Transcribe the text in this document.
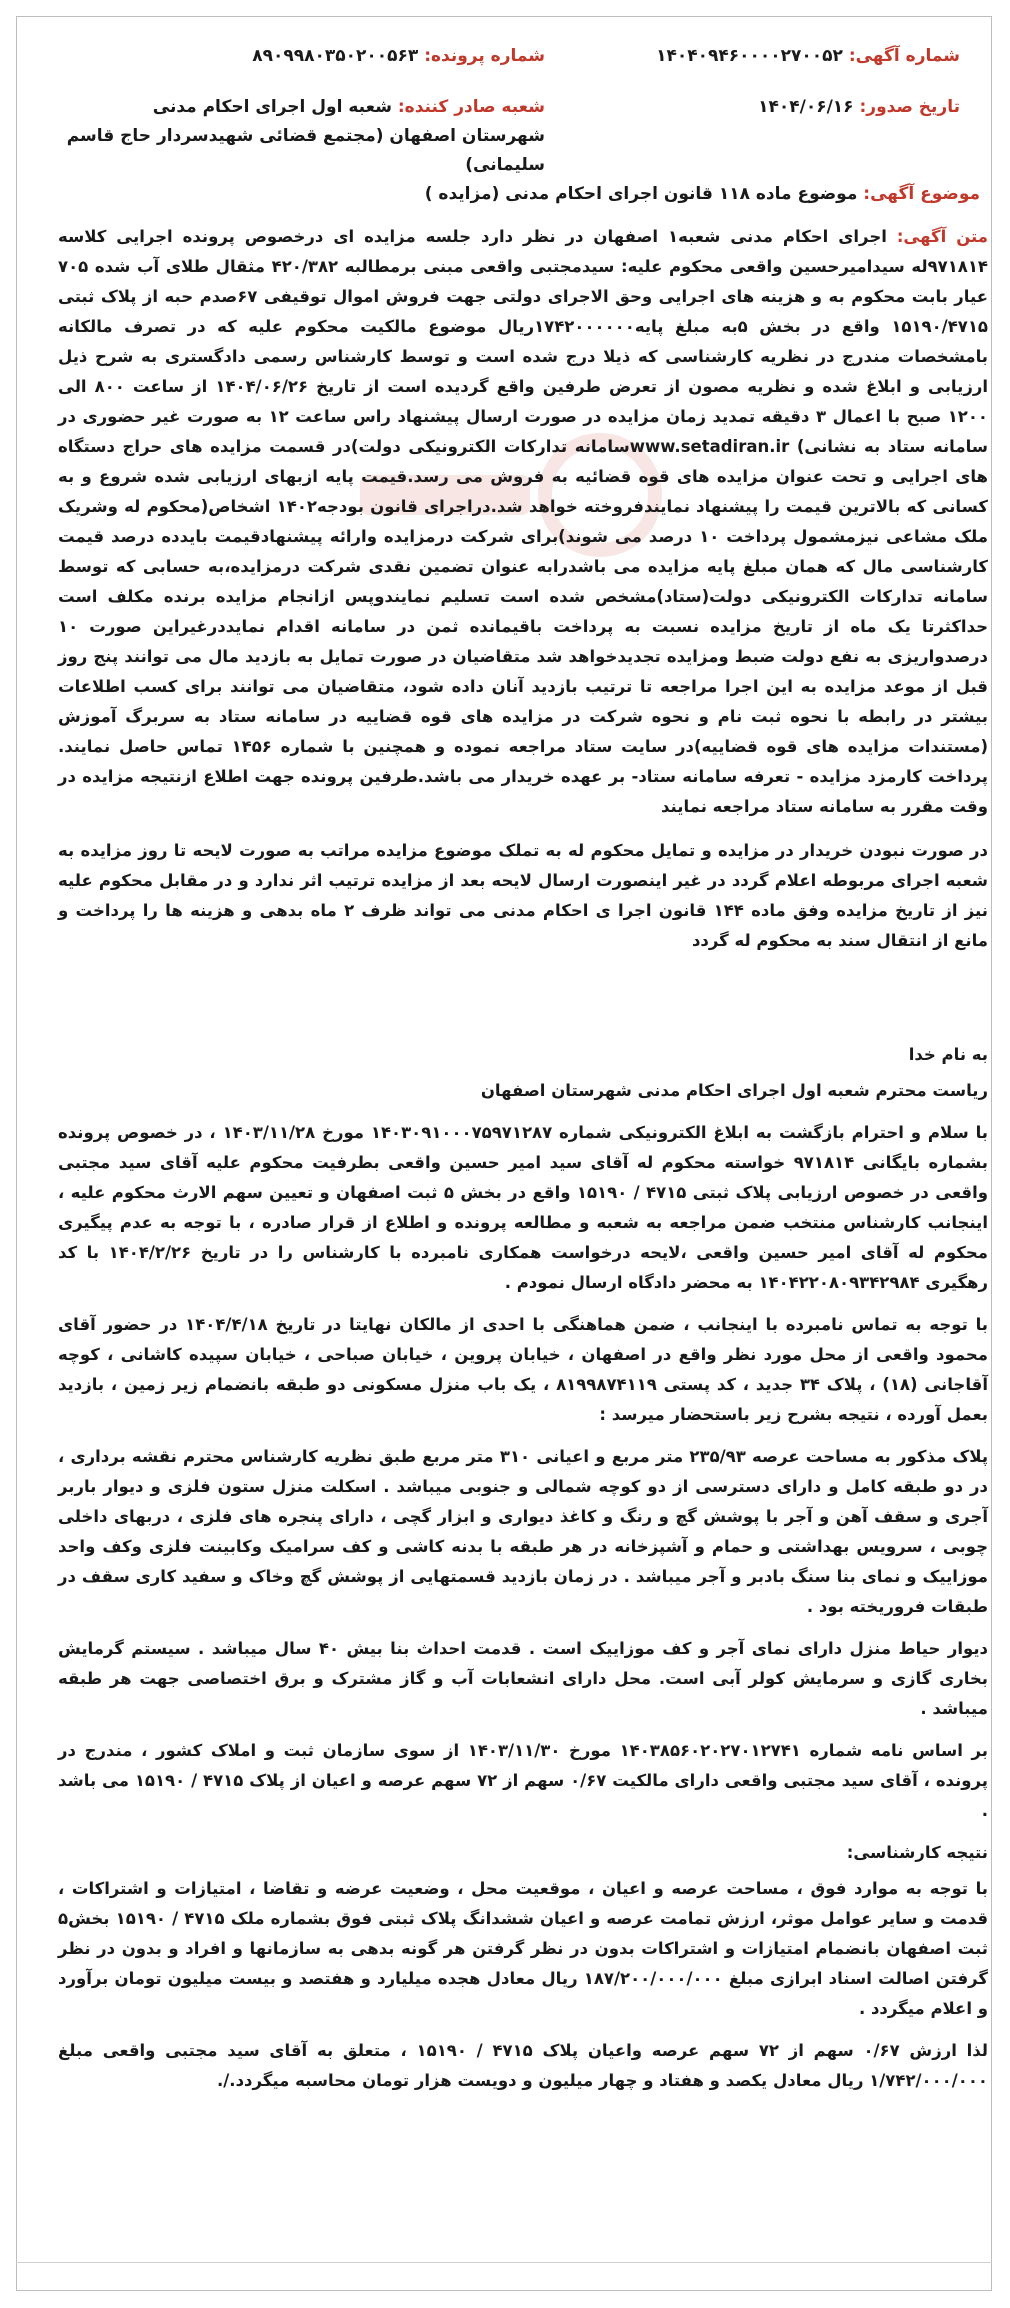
شماره آگهی: ۱۴۰۴۰۹۴۶۰۰۰۰۲۷۰۰۵۲
شماره پرونده: ۸۹۰۹۹۸۰۳۵۰۲۰۰۵۶۳
تاریخ صدور: ۱۴۰۴/۰۶/۱۶
شعبه صادر کننده: شعبه اول اجرای احکام مدنی شهرستان اصفهان (مجتمع قضائی شهیدسردار حاج قاسم سلیمانی)
موضوع آگهی: موضوع ماده ۱۱۸ قانون اجرای احکام مدنی (مزایده )

متن آگهی: اجرای احکام مدنی شعبه۱ اصفهان در نظر دارد جلسه مزایده ای درخصوص پرونده اجرایی کلاسه ۹۷۱۸۱۴له سیدامیرحسین واقعی محکوم علیه: سیدمجتبی واقعی مبنی برمطالبه ۴۲۰/۳۸۲ مثقال طلای آب شده ۷۰۵ عیار بابت محکوم به و هزینه های اجرایی وحق الاجرای دولتی جهت فروش اموال توقیفی ۶۷صدم حبه از پلاک ثبتی ۱۵۱۹۰/۴۷۱۵ واقع در بخش ۵به مبلغ پایه۱۷۴۲۰۰۰۰۰۰ریال موضوع مالکیت محکوم علیه که در تصرف مالکانه بامشخصات مندرج در نظریه کارشناسی که ذیلا درج شده است و توسط کارشناس رسمی دادگستری به شرح ذیل ارزیابی و ابلاغ شده و نظریه مصون از تعرض طرفین واقع گردیده است از تاریخ ۱۴۰۴/۰۶/۲۶ از ساعت ۸۰۰ الی ۱۲۰۰ صبح با اعمال ۳ دقیقه تمدید زمان مزایده در صورت ارسال پیشنهاد راس ساعت ۱۲ به صورت غیر حضوری در سامانه ستاد به نشانی) www.setadiran.irسامانه تدارکات الکترونیکی دولت)در قسمت مزایده های حراج دستگاه های اجرایی و تحت عنوان مزایده های قوه قضائیه به فروش می رسد.قیمت پایه ازبهای ارزیابی شده شروع و به کسانی که بالاترین قیمت را پیشنهاد نمایندفروخته خواهد شد.دراجرای قانون بودجه۱۴۰۲ اشخاص(محکوم له وشریک ملک مشاعی نیزمشمول پرداخت ۱۰ درصد می شوند)برای شرکت درمزایده وارائه پیشنهادقیمت بایدده درصد قیمت کارشناسی مال که همان مبلغ پایه مزایده می باشدرابه عنوان تضمین نقدی شرکت درمزایده،به حسابی که توسط سامانه تدارکات الکترونیکی دولت(ستاد)مشخص شده است تسلیم نمایندوپس ازانجام مزایده برنده مکلف است حداکثرتا یک ماه از تاریخ مزایده نسبت به پرداخت باقیمانده ثمن در سامانه اقدام نمایددرغیراین صورت ۱۰ درصدواریزی به نفع دولت ضبط ومزایده تجدیدخواهد شد متقاضیان در صورت تمایل به بازدید مال می توانند پنج روز قبل از موعد مزایده به این اجرا مراجعه تا ترتیب بازدید آنان داده شود، متقاضیان می توانند برای کسب اطلاعات بیشتر در رابطه با نحوه ثبت نام و نحوه شرکت در مزایده های قوه قضاییه در سامانه ستاد به سربرگ آموزش (مستندات مزایده های قوه قضاییه)در سایت ستاد مراجعه نموده و همچنین با شماره ۱۴۵۶ تماس حاصل نمایند. پرداخت کارمزد مزایده - تعرفه سامانه ستاد- بر عهده خریدار می باشد.طرفین پرونده جهت اطلاع ازنتیجه مزایده در وقت مقرر به سامانه ستاد مراجعه نمایند

در صورت نبودن خریدار در مزایده و تمایل محکوم له به تملک موضوع مزایده مراتب به صورت لایحه تا روز مزایده به شعبه اجرای مربوطه اعلام گردد در غیر اینصورت ارسال لایحه بعد از مزایده ترتیب اثر ندارد و در مقابل محکوم علیه نیز از تاریخ مزایده وفق ماده ۱۴۴ قانون اجرا ی احکام مدنی می تواند ظرف ۲ ماه بدهی و هزینه ها را پرداخت و مانع از انتقال سند به محکوم له گردد

به نام خدا

ریاست محترم شعبه اول اجرای احکام مدنی شهرستان اصفهان

با سلام و احترام بازگشت به ابلاغ الکترونیکی شماره ۱۴۰۳۰۹۱۰۰۰۷۵۹۷۱۲۸۷ مورخ ۱۴۰۳/۱۱/۲۸ ، در خصوص پرونده بشماره بایگانی ۹۷۱۸۱۴ خواسته محکوم له آقای سید امیر حسین واقعی بطرفیت محکوم علیه آقای سید مجتبی واقعی در خصوص ارزیابی پلاک ثبتی ۴۷۱۵ / ۱۵۱۹۰ واقع در بخش ۵ ثبت اصفهان و تعیین سهم الارث محکوم علیه ، اینجانب کارشناس منتخب ضمن مراجعه به شعبه و مطالعه پرونده و اطلاع از قرار صادره ، با توجه به عدم پیگیری محکوم له آقای امیر حسین واقعی ،لایحه درخواست همکاری نامبرده با کارشناس را در تاریخ ۱۴۰۴/۲/۲۶ با کد رهگیری ۱۴۰۴۲۲۰۸۰۹۳۴۲۹۸۴ به محضر دادگاه ارسال نمودم .

با توجه به تماس نامبرده با اینجانب ، ضمن هماهنگی با احدی از مالکان نهایتا در تاریخ ۱۴۰۴/۴/۱۸ در حضور آقای محمود واقعی از محل مورد نظر واقع در اصفهان ، خیابان پروین ، خیابان صباحی ، خیابان سپیده کاشانی ، کوچه آقاجانی (۱۸) ، پلاک ۳۴ جدید ، کد پستی ۸۱۹۹۸۷۴۱۱۹ ، یک باب منزل مسکونی دو طبقه بانضمام زیر زمین ، بازدید بعمل آورده ، نتیجه بشرح زیر باستحضار میرسد :

پلاک مذکور به مساحت عرصه ۲۳۵/۹۳ متر مربع و اعیانی ۳۱۰ متر مربع طبق نظریه کارشناس محترم نقشه برداری ، در دو طبقه کامل و دارای دسترسی از دو کوچه شمالی و جنوبی میباشد . اسکلت منزل ستون فلزی و دیوار باربر آجری و سقف آهن و آجر با پوشش گچ و رنگ و کاغذ دیواری و ابزار گچی ، دارای پنجره های فلزی ، دربهای داخلی چوبی ، سرویس بهداشتی و حمام و آشپزخانه در هر طبقه با بدنه کاشی و کف سرامیک وکابینت فلزی وکف واحد موزاییک و نمای بنا سنگ بادبر و آجر میباشد . در زمان بازدید قسمتهایی از پوشش گچ وخاک و سفید کاری سقف در طبقات فروریخته بود .

دیوار حیاط منزل دارای نمای آجر و کف موزاییک است . قدمت احداث بنا بیش ۴۰ سال میباشد . سیستم گرمایش بخاری گازی و سرمایش کولر آبی است. محل دارای انشعابات آب و گاز مشترک و برق اختصاصی جهت هر طبقه میباشد .

بر اساس نامه شماره ۱۴۰۳۸۵۶۰۲۰۲۷۰۱۲۷۴۱ مورخ ۱۴۰۳/۱۱/۳۰ از سوی سازمان ثبت و املاک کشور ، مندرج در پرونده ، آقای سید مجتبی واقعی دارای مالکیت ۰/۶۷ سهم از ۷۲ سهم عرصه و اعیان از پلاک ۴۷۱۵ / ۱۵۱۹۰ می باشد .

نتیجه کارشناسی:

با توجه به موارد فوق ، مساحت عرصه و اعیان ، موقعیت محل ، وضعیت عرضه و تقاضا ، امتیازات و اشتراکات ، قدمت و سایر عوامل موثر، ارزش تمامت عرصه و اعیان ششدانگ پلاک ثبتی فوق بشماره ملک ۴۷۱۵ / ۱۵۱۹۰ بخش۵ ثبت اصفهان بانضمام امتیازات و اشتراکات بدون در نظر گرفتن هر گونه بدهی به سازمانها و افراد و بدون در نظر گرفتن اصالت اسناد ابرازی مبلغ ۱۸۷/۲۰۰/۰۰۰/۰۰۰ ریال معادل هجده میلیارد و هفتصد و بیست میلیون تومان برآورد و اعلام میگردد .

لذا ارزش ۰/۶۷ سهم از ۷۲ سهم عرصه واعیان پلاک ۴۷۱۵ / ۱۵۱۹۰ ، متعلق به آقای سید مجتبی واقعی مبلغ ۱/۷۴۲/۰۰۰/۰۰۰ ریال معادل یکصد و هفتاد و چهار میلیون و دویست هزار تومان محاسبه میگردد./.
